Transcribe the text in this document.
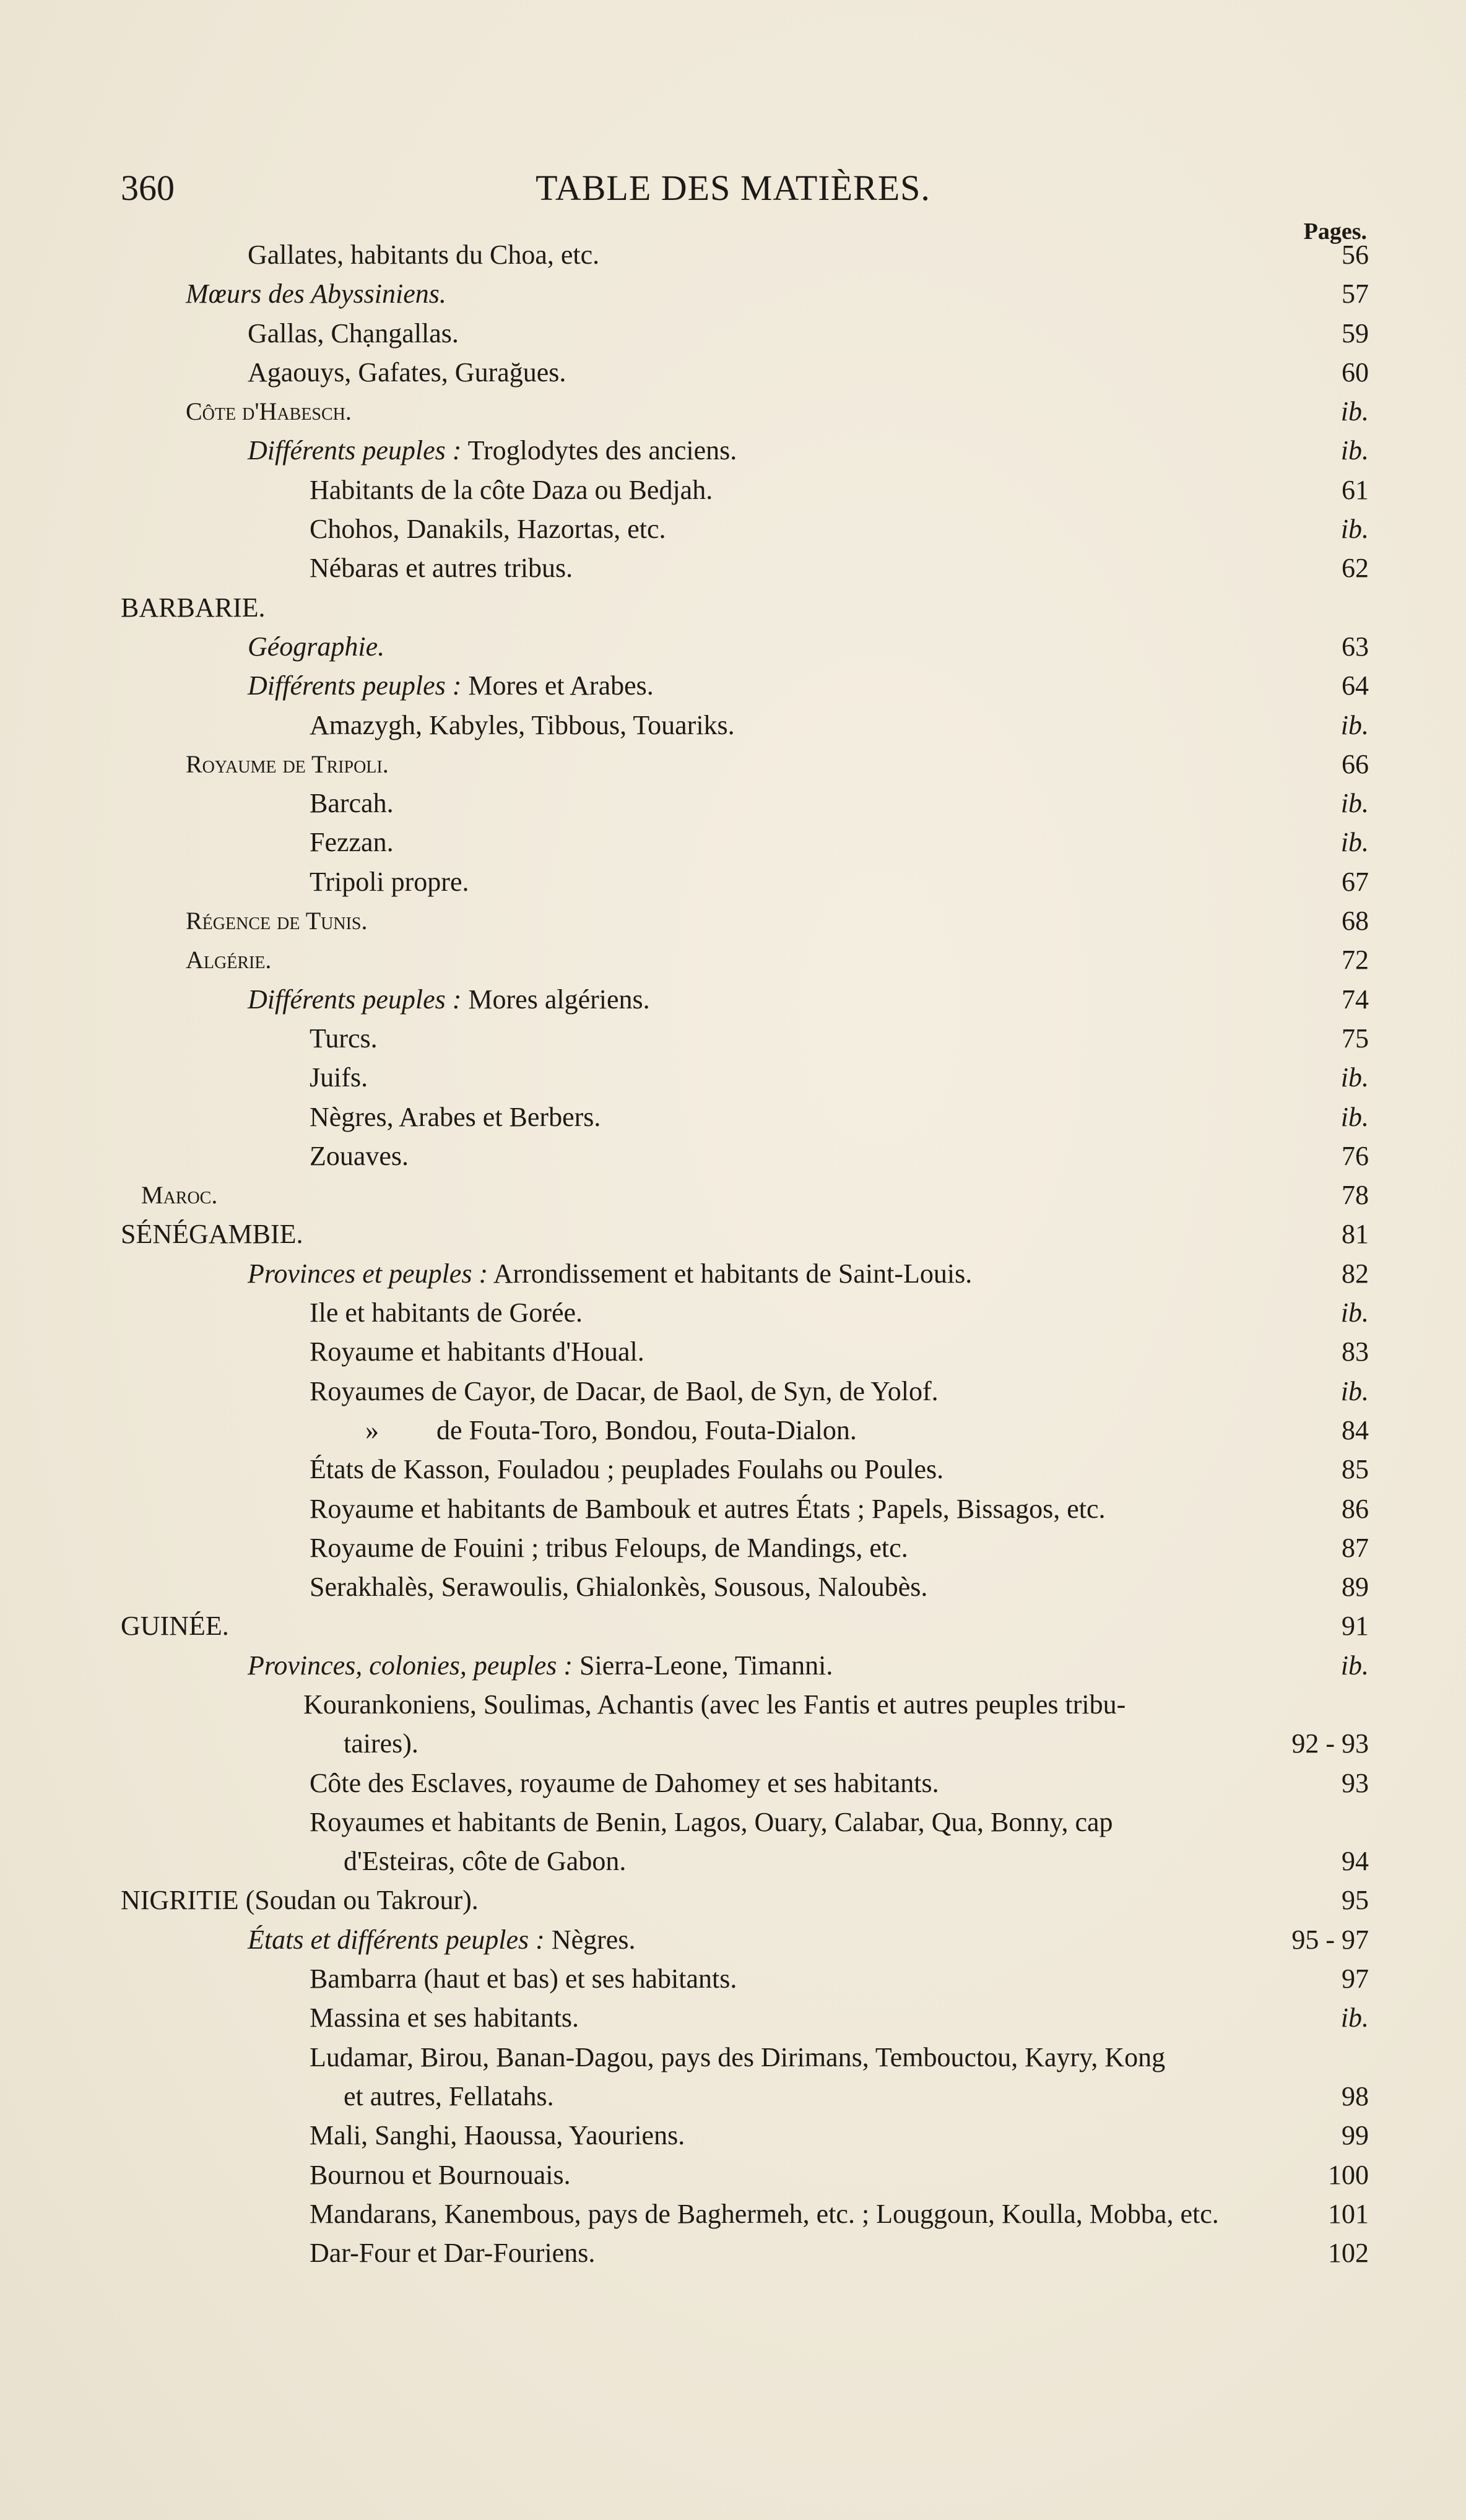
360	TABLE DES MATIÈRES.
Pages.
Gallates, habitants du Choa, etc.	56
Mœurs des Abyssiniens.	57
Gallas, Chạngallas.	59
Agaouys, Gafates, Gurağues.	60
Côte d'Habesch.	ib.
Différents peuples : Troglodytes des anciens.	ib.
Habitants de la côte Daza ou Bedjah.	61
Chohos, Danakils, Hazortas, etc.	ib.
Nébaras et autres tribus.	62
BARBARIE.
Géographie.	63
Différents peuples : Mores et Arabes.	64
Amazygh, Kabyles, Tibbous, Touariks.	ib.
Royaume de Tripoli.	66
Barcah.	ib.
Fezzan.	ib.
Tripoli propre.	67
Régence de Tunis.	68
Algérie.	72
Différents peuples : Mores algériens.	74
Turcs.	75
Juifs.	ib.
Nègres, Arabes et Berbers.	ib.
Zouaves.	76
Maroc.	78
SÉNÉGAMBIE.	81
Provinces et peuples : Arrondissement et habitants de Saint-Louis.	82
Ile et habitants de Gorée.	ib.
Royaume et habitants d'Houal.	83
Royaumes de Cayor, de Dacar, de Baol, de Syn, de Yolof.	ib.
» de Fouta-Toro, Bondou, Fouta-Dialon.	84
États de Kasson, Fouladou ; peuplades Foulahs ou Poules.	85
Royaume et habitants de Bambouk et autres États ; Papels, Bissagos, etc.	86
Royaume de Fouini ; tribus Feloups, de Mandings, etc.	87
Serakhalès, Serawoulis, Ghialonkès, Sousous, Naloubès.	89
GUINÉE.	91
Provinces, colonies, peuples : Sierra-Leone, Timanni.	ib.
Kourankoniens, Soulimas, Achantis (avec les Fantis et autres peuples tribu-
taires).	92 - 93
Côte des Esclaves, royaume de Dahomey et ses habitants.	93
Royaumes et habitants de Benin, Lagos, Ouary, Calabar, Qua, Bonny, cap
d'Esteiras, côte de Gabon.	94
NIGRITIE (Soudan ou Takrour).	95
États et différents peuples : Nègres.	95 - 97
Bambarra (haut et bas) et ses habitants.	97
Massina et ses habitants.	ib.
Ludamar, Birou, Banan-Dagou, pays des Dirimans, Tembouctou, Kayry, Kong
et autres, Fellatahs.	98
Mali, Sanghi, Haoussa, Yaouriens.	99
Bournou et Bournouais.	100
Mandarans, Kanembous, pays de Baghermeh, etc. ; Louggoun, Koulla, Mobba, etc.	101
Dar-Four et Dar-Fouriens.	102
